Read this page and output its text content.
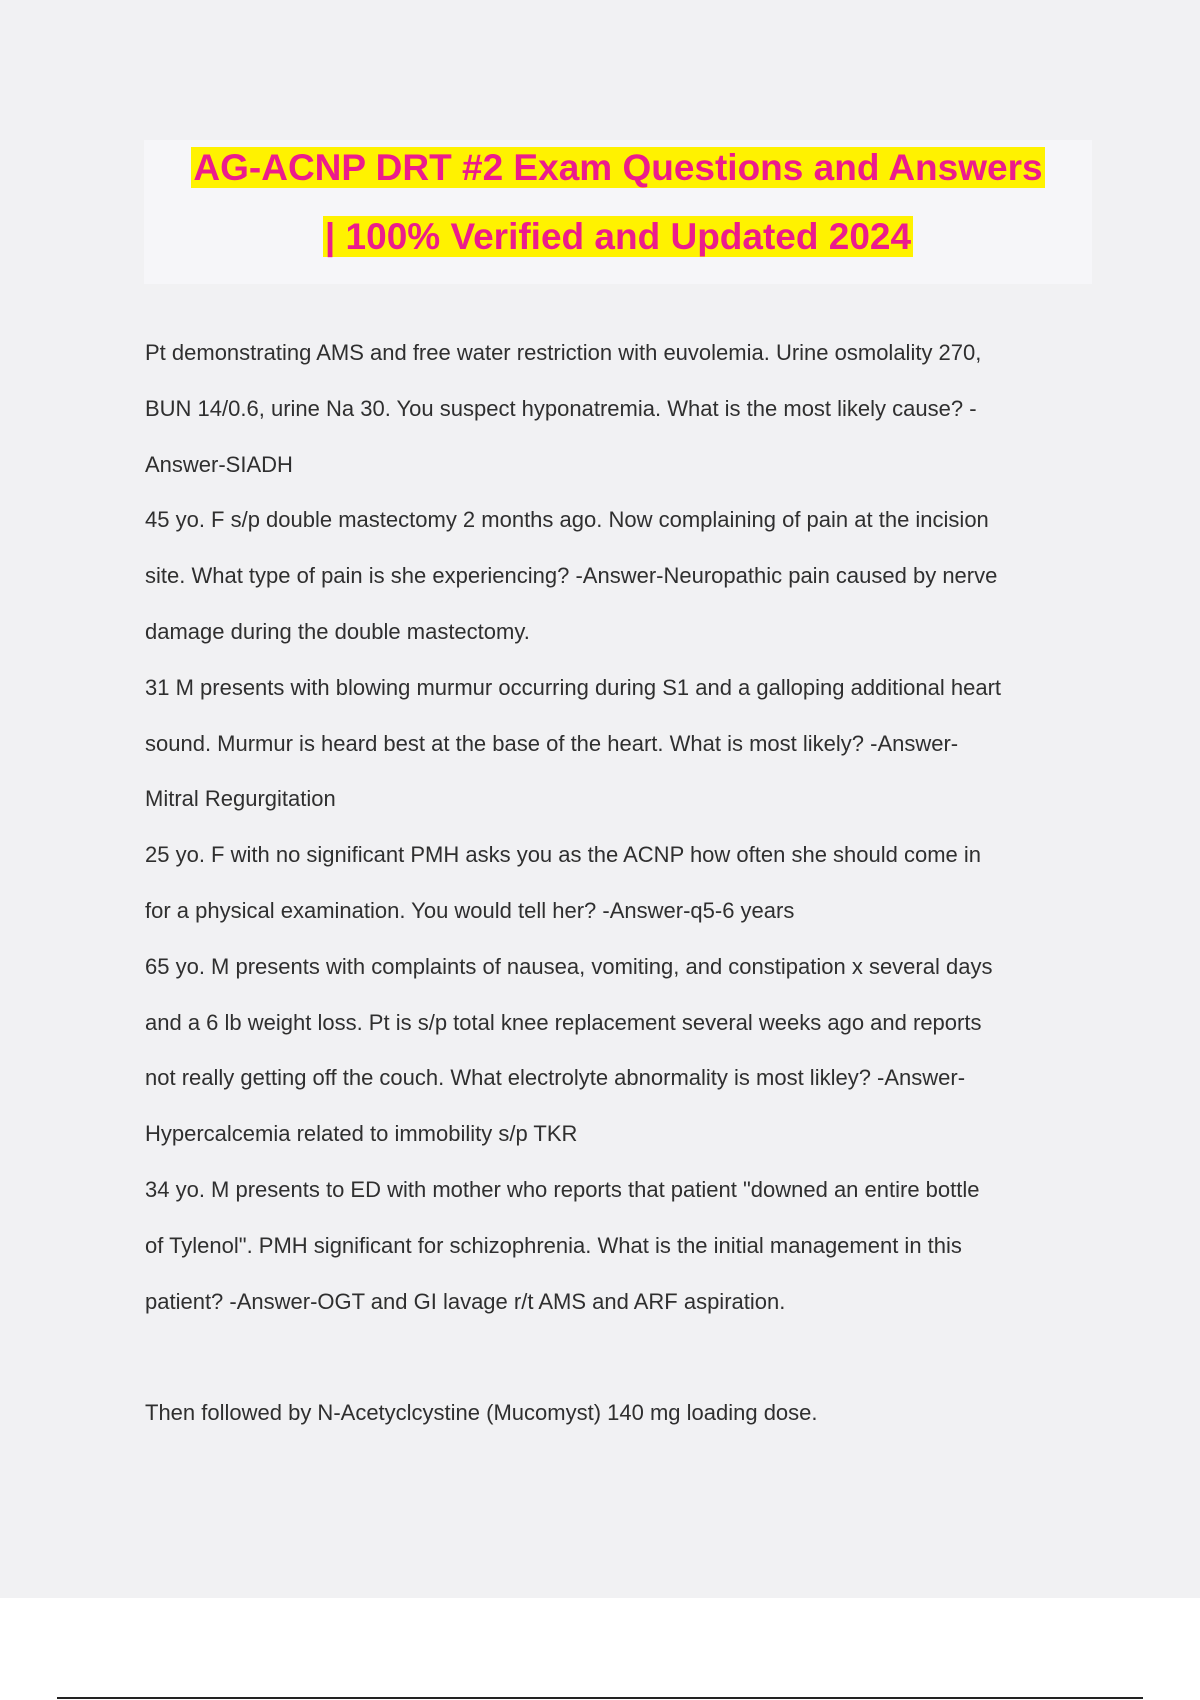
AG-ACNP DRT #2 Exam Questions and Answers
| 100% Verified and Updated 2024
Pt demonstrating AMS and free water restriction with euvolemia. Urine osmolality 270,
BUN 14/0.6, urine Na 30. You suspect hyponatremia. What is the most likely cause? -
Answer-SIADH
45 yo. F s/p double mastectomy 2 months ago. Now complaining of pain at the incision
site. What type of pain is she experiencing? -Answer-Neuropathic pain caused by nerve
damage during the double mastectomy.
31 M presents with blowing murmur occurring during S1 and a galloping additional heart
sound. Murmur is heard best at the base of the heart. What is most likely? -Answer-
Mitral Regurgitation
25 yo. F with no significant PMH asks you as the ACNP how often she should come in
for a physical examination. You would tell her? -Answer-q5-6 years
65 yo. M presents with complaints of nausea, vomiting, and constipation x several days
and a 6 lb weight loss. Pt is s/p total knee replacement several weeks ago and reports
not really getting off the couch. What electrolyte abnormality is most likley? -Answer-
Hypercalcemia related to immobility s/p TKR
34 yo. M presents to ED with mother who reports that patient "downed an entire bottle
of Tylenol". PMH significant for schizophrenia. What is the initial management in this
patient? -Answer-OGT and GI lavage r/t AMS and ARF aspiration.
Then followed by N-Acetyclcystine (Mucomyst) 140 mg loading dose.
